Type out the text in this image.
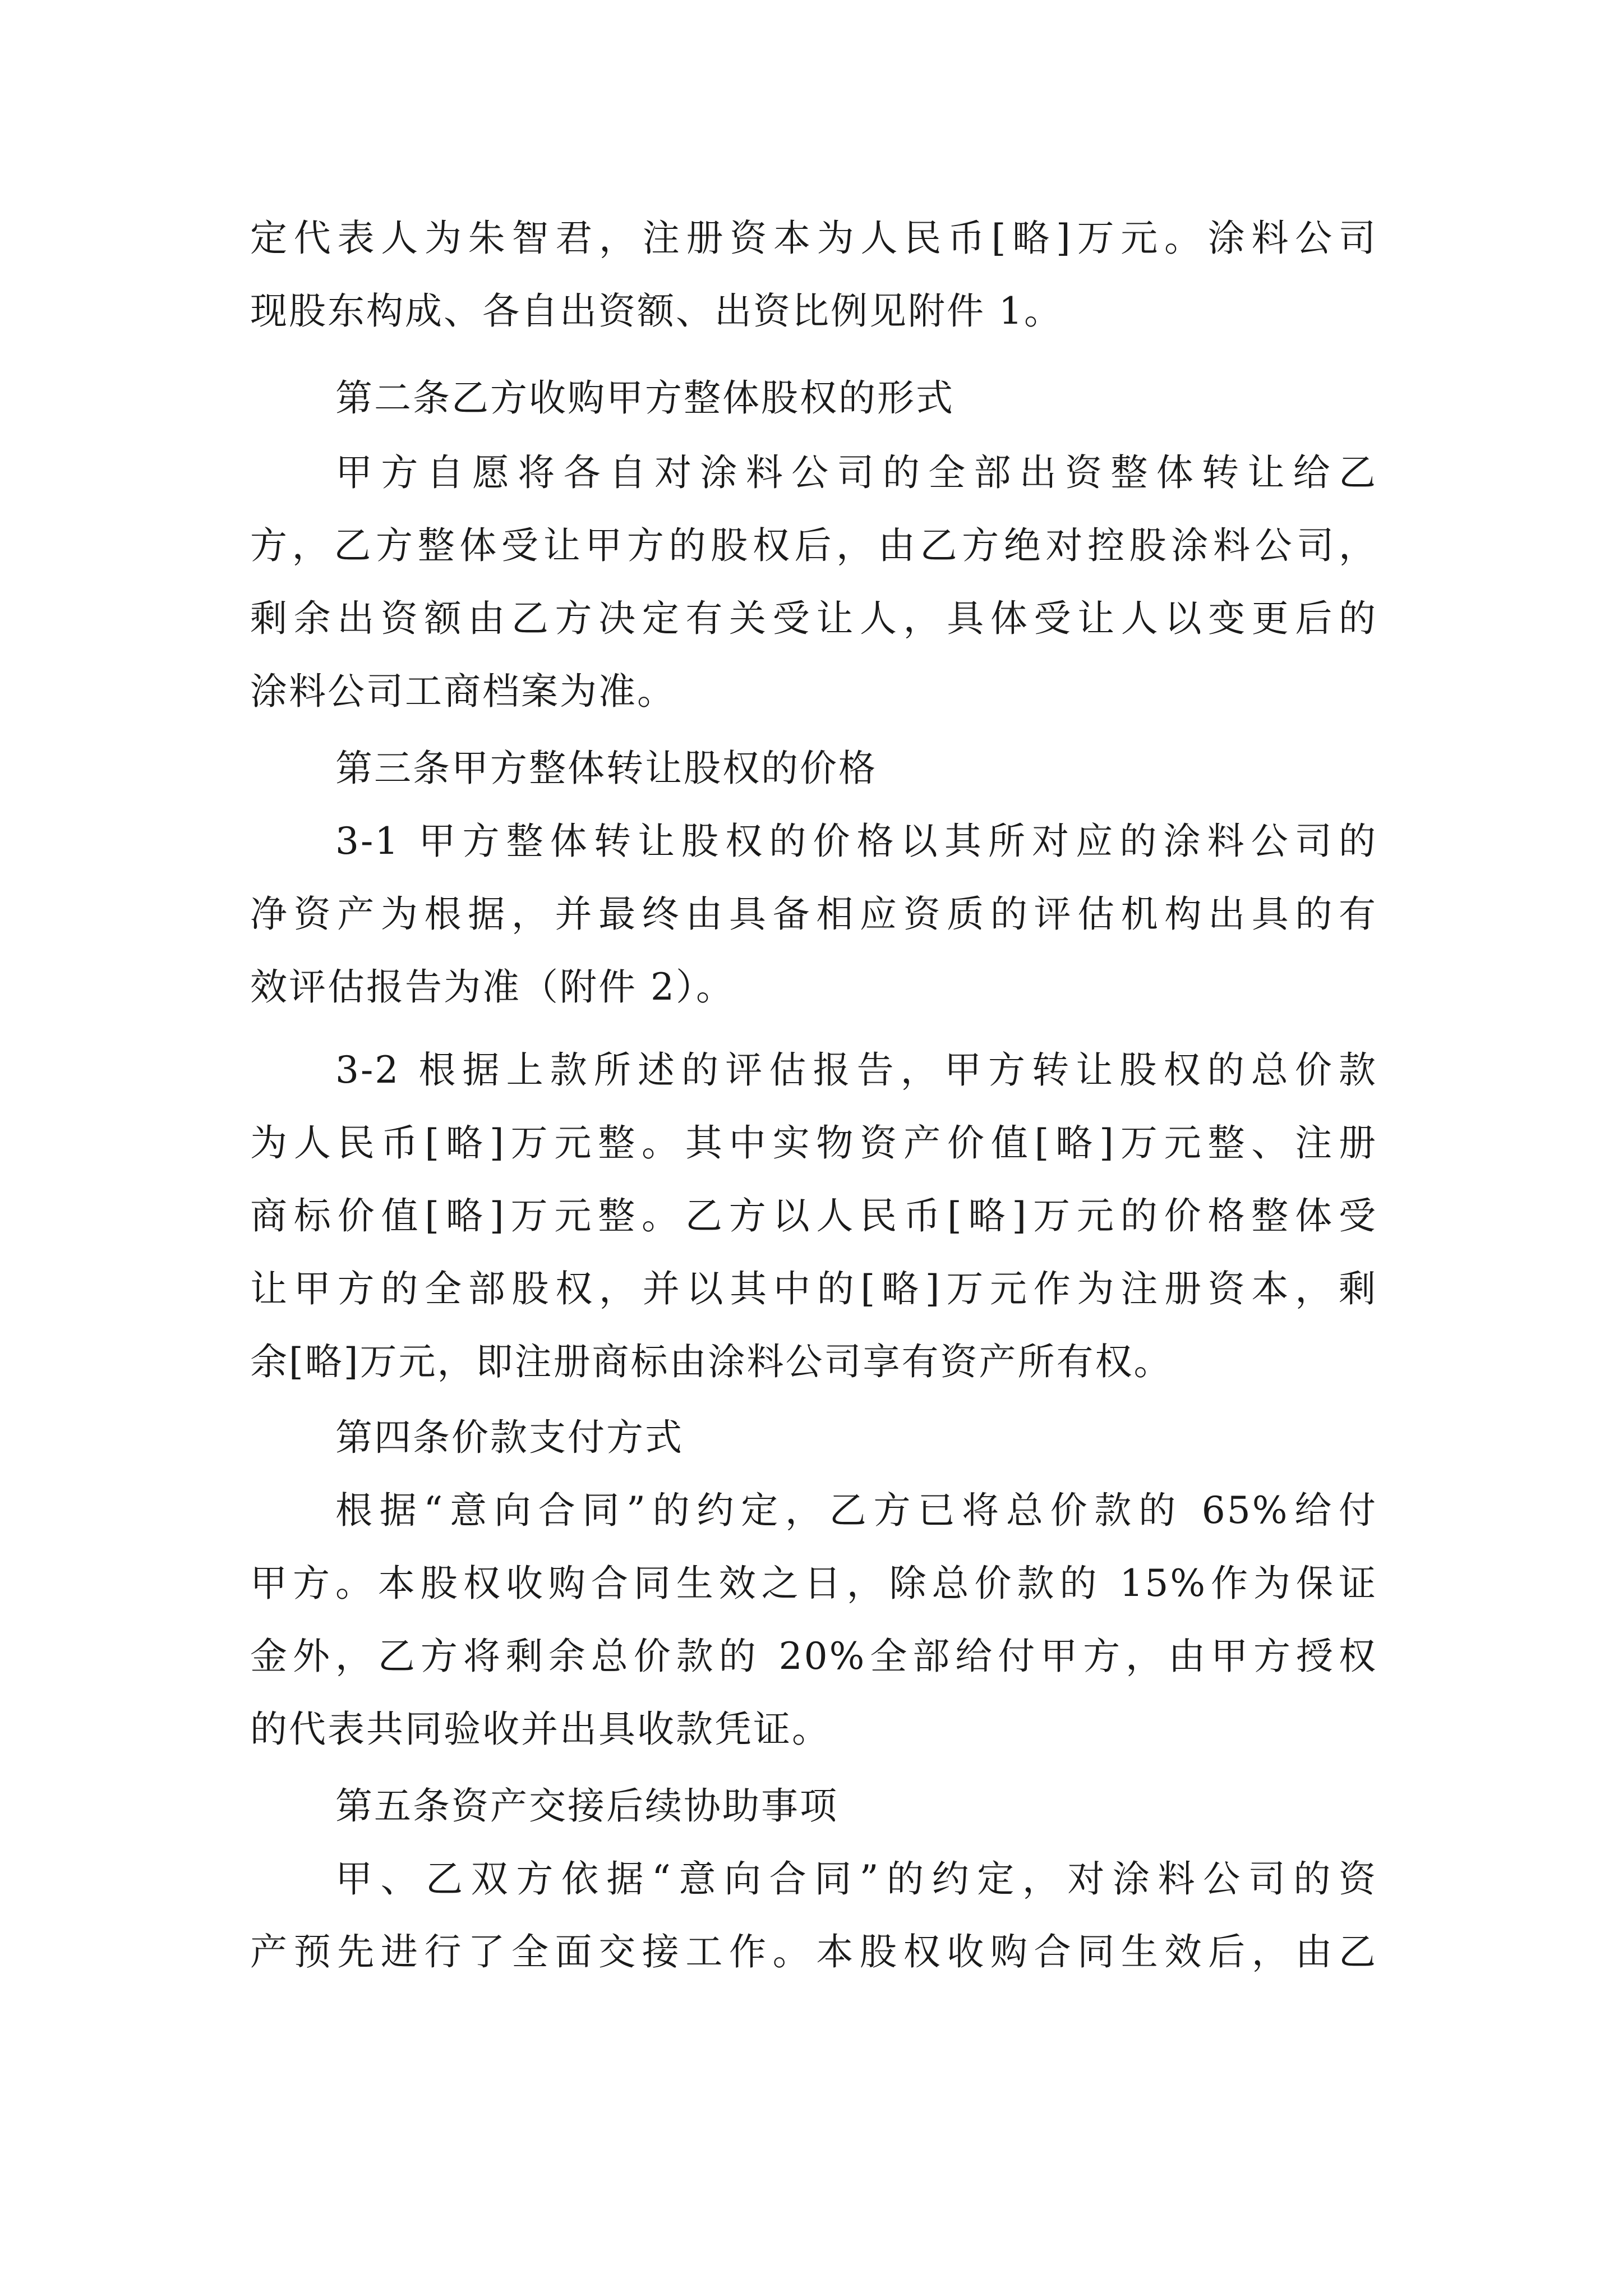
定代表人为朱智君，注册资本为人民币[略]万元。涂料公司
现股东构成、各自出资额、出资比例见附件 1。
第二条乙方收购甲方整体股权的形式
甲方自愿将各自对涂料公司的全部出资整体转让给乙
方，乙方整体受让甲方的股权后，由乙方绝对控股涂料公司，
剩余出资额由乙方决定有关受让人，具体受让人以变更后的
涂料公司工商档案为准。
第三条甲方整体转让股权的价格
3-1 甲方整体转让股权的价格以其所对应的涂料公司的
净资产为根据，并最终由具备相应资质的评估机构出具的有
效评估报告为准（附件 2）。
3-2 根据上款所述的评估报告，甲方转让股权的总价款
为人民币[略]万元整。其中实物资产价值[略]万元整、注册
商标价值[略]万元整。乙方以人民币[略]万元的价格整体受
让甲方的全部股权，并以其中的[略]万元作为注册资本，剩
余[略]万元，即注册商标由涂料公司享有资产所有权。
第四条价款支付方式
根据“意向合同”的约定，乙方已将总价款的 65%给付
甲方。本股权收购合同生效之日，除总价款的 15%作为保证
金外，乙方将剩余总价款的 20%全部给付甲方，由甲方授权
的代表共同验收并出具收款凭证。
第五条资产交接后续协助事项
甲、乙双方依据“意向合同”的约定，对涂料公司的资
产预先进行了全面交接工作。本股权收购合同生效后，由乙
